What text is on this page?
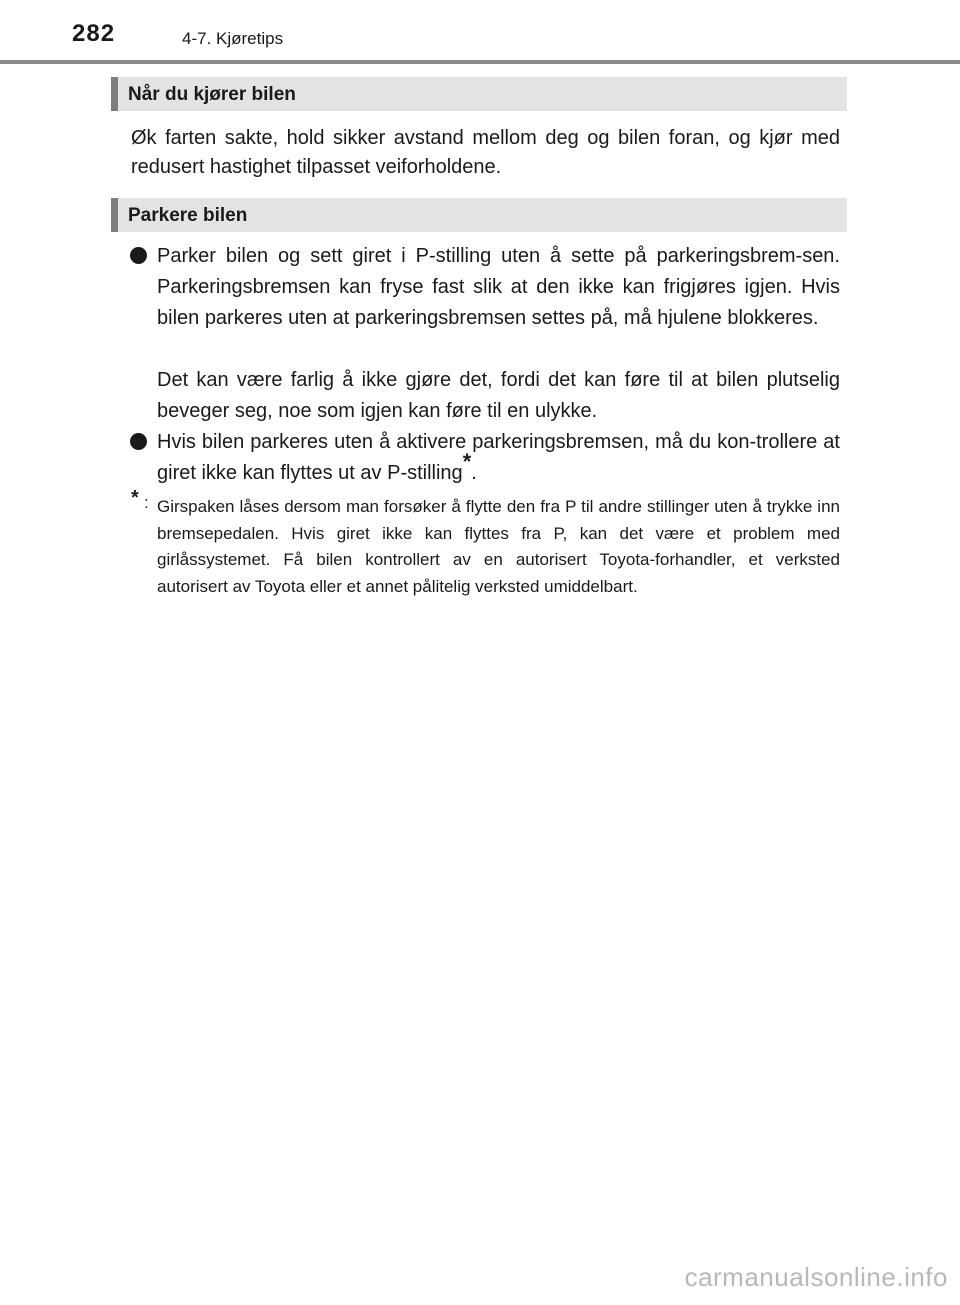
282	4-7. Kjøretips
Når du kjører bilen

Øk farten sakte, hold sikker avstand mellom deg og bilen foran, og kjør med redusert hastighet tilpasset veiforholdene.

Parkere bilen

Parker bilen og sett giret i P-stilling uten å sette på parkeringsbrem-sen. Parkeringsbremsen kan fryse fast slik at den ikke kan frigjøres igjen. Hvis bilen parkeres uten at parkeringsbremsen settes på, må hjulene blokkeres.

Det kan være farlig å ikke gjøre det, fordi det kan føre til at bilen plutselig beveger seg, noe som igjen kan føre til en ulykke.

Hvis bilen parkeres uten å aktivere parkeringsbremsen, må du kon-trollere at giret ikke kan flyttes ut av P-stilling*.

* : Girspaken låses dersom man forsøker å flytte den fra P til andre stillinger uten å trykke inn bremsepedalen. Hvis giret ikke kan flyttes fra P, kan det være et problem med girlåssystemet. Få bilen kontrollert av en autorisert Toyota-forhandler, et verksted autorisert av Toyota eller et annet pålitelig verksted umiddelbart.

carmanualsonline.info
